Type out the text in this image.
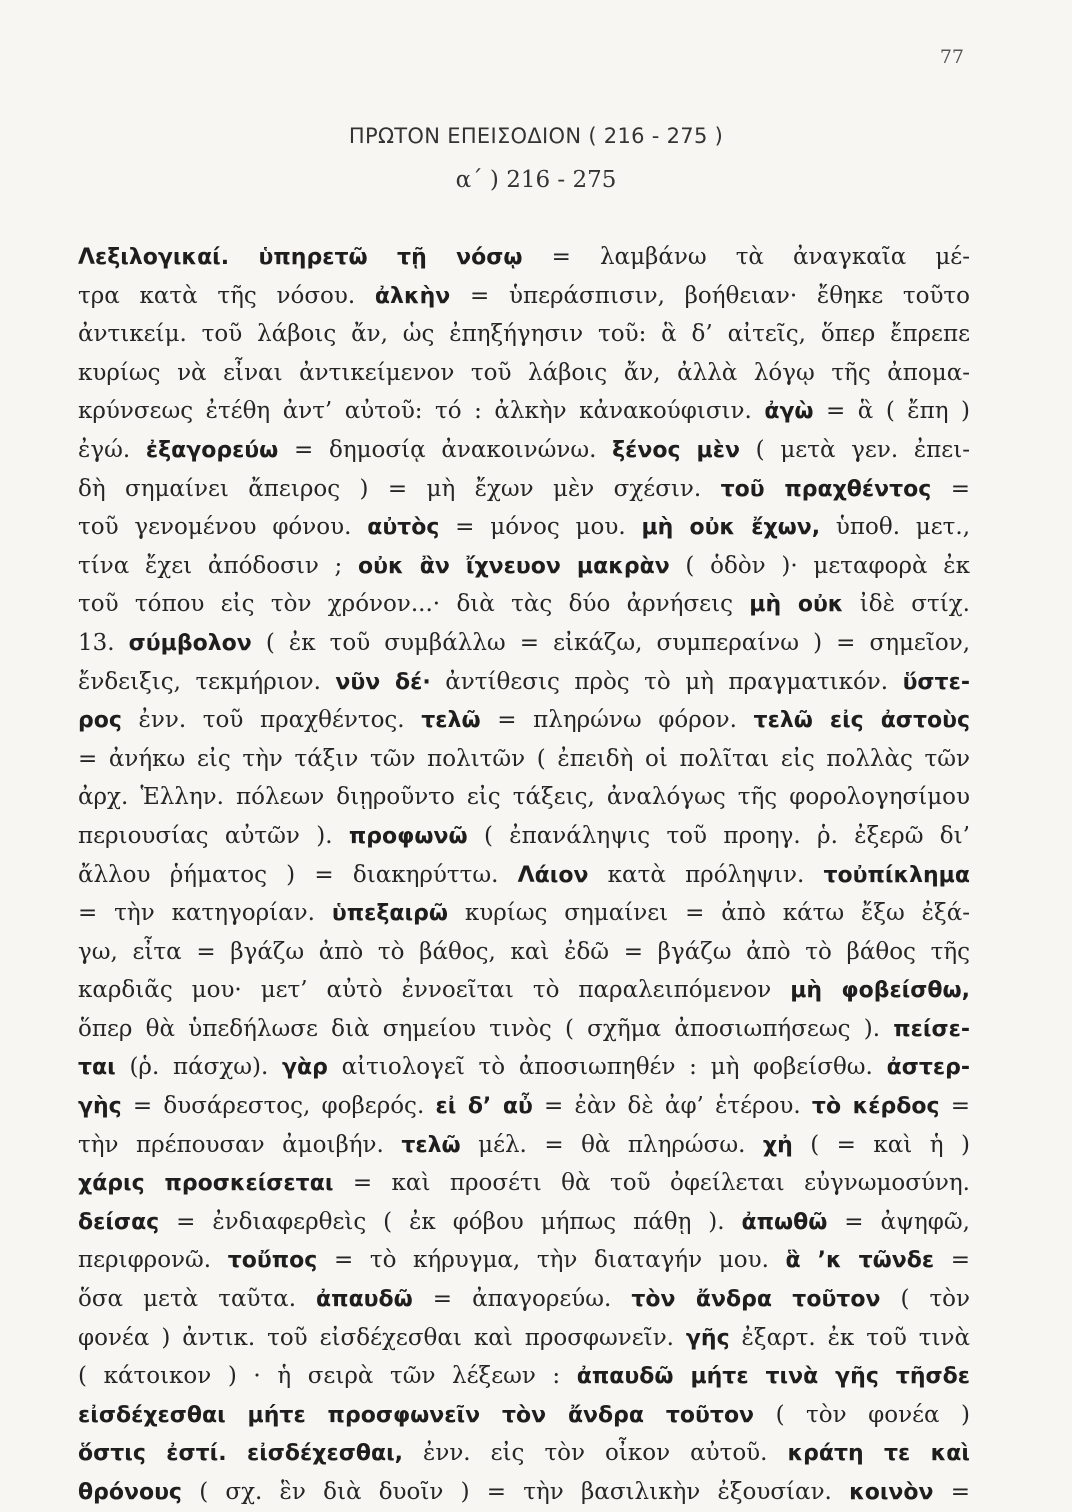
77
ΠΡΩΤΟΝ ΕΠΕΙΣΟΔΙΟΝ ( 216 - 275 )
α΄ ) 216 - 275
Λεξιλογικαί. ὑπηρετῶ τῇ νόσῳ = λαμβάνω τὰ ἀναγκαῖα μέ-
τρα κατὰ τῆς νόσου. ἀλκὴν = ὑπεράσπισιν, βοήθειαν· ἔθηκε τοῦτο
ἀντικείμ. τοῦ λάβοις ἄν, ὡς ἐπηξήγησιν τοῦ: ἃ δ’ αἰτεῖς, ὅπερ ἔπρεπε
κυρίως νὰ εἶναι ἀντικείμενον τοῦ λάβοις ἄν, ἀλλὰ λόγῳ τῆς ἀπομα-
κρύνσεως ἐτέθη ἀντ’ αὐτοῦ: τό : ἀλκὴν κἀνακούφισιν. ἀγὼ = ἃ ( ἔπη )
ἐγώ. ἐξαγορεύω = δημοσίᾳ ἀνακοινώνω. ξένος μὲν ( μετὰ γεν. ἐπει-
δὴ σημαίνει ἄπειρος ) = μὴ ἔχων μὲν σχέσιν. τοῦ πραχθέντος =
τοῦ γενομένου φόνου. αὐτὸς = μόνος μου. μὴ οὐκ ἔχων, ὑποθ. μετ.,
τίνα ἔχει ἀπόδοσιν ; οὐκ ἂν ἴχνευον μακρὰν ( ὁδὸν )· μεταφορὰ ἐκ
τοῦ τόπου εἰς τὸν χρόνον...· διὰ τὰς δύο ἀρνήσεις μὴ οὐκ ἰδὲ στίχ.
13. σύμβολον ( ἐκ τοῦ συμβάλλω = εἰκάζω, συμπεραίνω ) = σημεῖον,
ἔνδειξις, τεκμήριον. νῦν δέ· ἀντίθεσις πρὸς τὸ μὴ πραγματικόν. ὕστε-
ρος ἐνν. τοῦ πραχθέντος. τελῶ = πληρώνω φόρον. τελῶ εἰς ἀστοὺς
= ἀνήκω εἰς τὴν τάξιν τῶν πολιτῶν ( ἐπειδὴ οἱ πολῖται εἰς πολλὰς τῶν
ἀρχ. Ἑλλην. πόλεων διῃροῦντο εἰς τάξεις, ἀναλόγως τῆς φορολογησίμου
περιουσίας αὐτῶν ). προφωνῶ ( ἐπανάληψις τοῦ προηγ. ῥ. ἐξερῶ δι’
ἄλλου ῥήματος ) = διακηρύττω. Λάιον κατὰ πρόληψιν. τοὐπίκλημα
= τὴν κατηγορίαν. ὑπεξαιρῶ κυρίως σημαίνει = ἀπὸ κάτω ἔξω ἐξά-
γω, εἶτα = βγάζω ἀπὸ τὸ βάθος, καὶ ἐδῶ = βγάζω ἀπὸ τὸ βάθος τῆς
καρδιᾶς μου· μετ’ αὐτὸ ἐννοεῖται τὸ παραλειπόμενον μὴ φοβείσθω,
ὅπερ θὰ ὑπεδήλωσε διὰ σημείου τινὸς ( σχῆμα ἀποσιωπήσεως ). πείσε-
ται (ῥ. πάσχω). γὰρ αἰτιολογεῖ τὸ ἀποσιωπηθέν : μὴ φοβείσθω. ἀστερ-
γὴς = δυσάρεστος, φοβερός. εἰ δ’ αὖ = ἐὰν δὲ ἀφ’ ἑτέρου. τὸ κέρδος =
τὴν πρέπουσαν ἀμοιβήν. τελῶ μέλ. = θὰ πληρώσω. χἠ ( = καὶ ἡ )
χάρις προσκείσεται = καὶ προσέτι θὰ τοῦ ὀφείλεται εὐγνωμοσύνη.
δείσας = ἐνδιαφερθεὶς ( ἐκ φόβου μήπως πάθῃ ). ἀπωθῶ = ἀψηφῶ,
περιφρονῶ. τοὔπος = τὸ κήρυγμα, τὴν διαταγήν μου. ἃ ’κ τῶνδε =
ὅσα μετὰ ταῦτα. ἀπαυδῶ = ἀπαγορεύω. τὸν ἄνδρα τοῦτον ( τὸν
φονέα ) ἀντικ. τοῦ εἰσδέχεσθαι καὶ προσφωνεῖν. γῆς ἐξαρτ. ἐκ τοῦ τινὰ
( κάτοικον ) · ἡ σειρὰ τῶν λέξεων : ἀπαυδῶ μήτε τινὰ γῆς τῆσδε
εἰσδέχεσθαι μήτε προσφωνεῖν τὸν ἄνδρα τοῦτον ( τὸν φονέα )
ὅστις ἐστί. εἰσδέχεσθαι, ἐνν. εἰς τὸν οἶκον αὐτοῦ. κράτη τε καὶ
θρόνους ( σχ. ἓν διὰ δυοῖν ) = τὴν βασιλικὴν ἐξουσίαν. κοινὸν =
